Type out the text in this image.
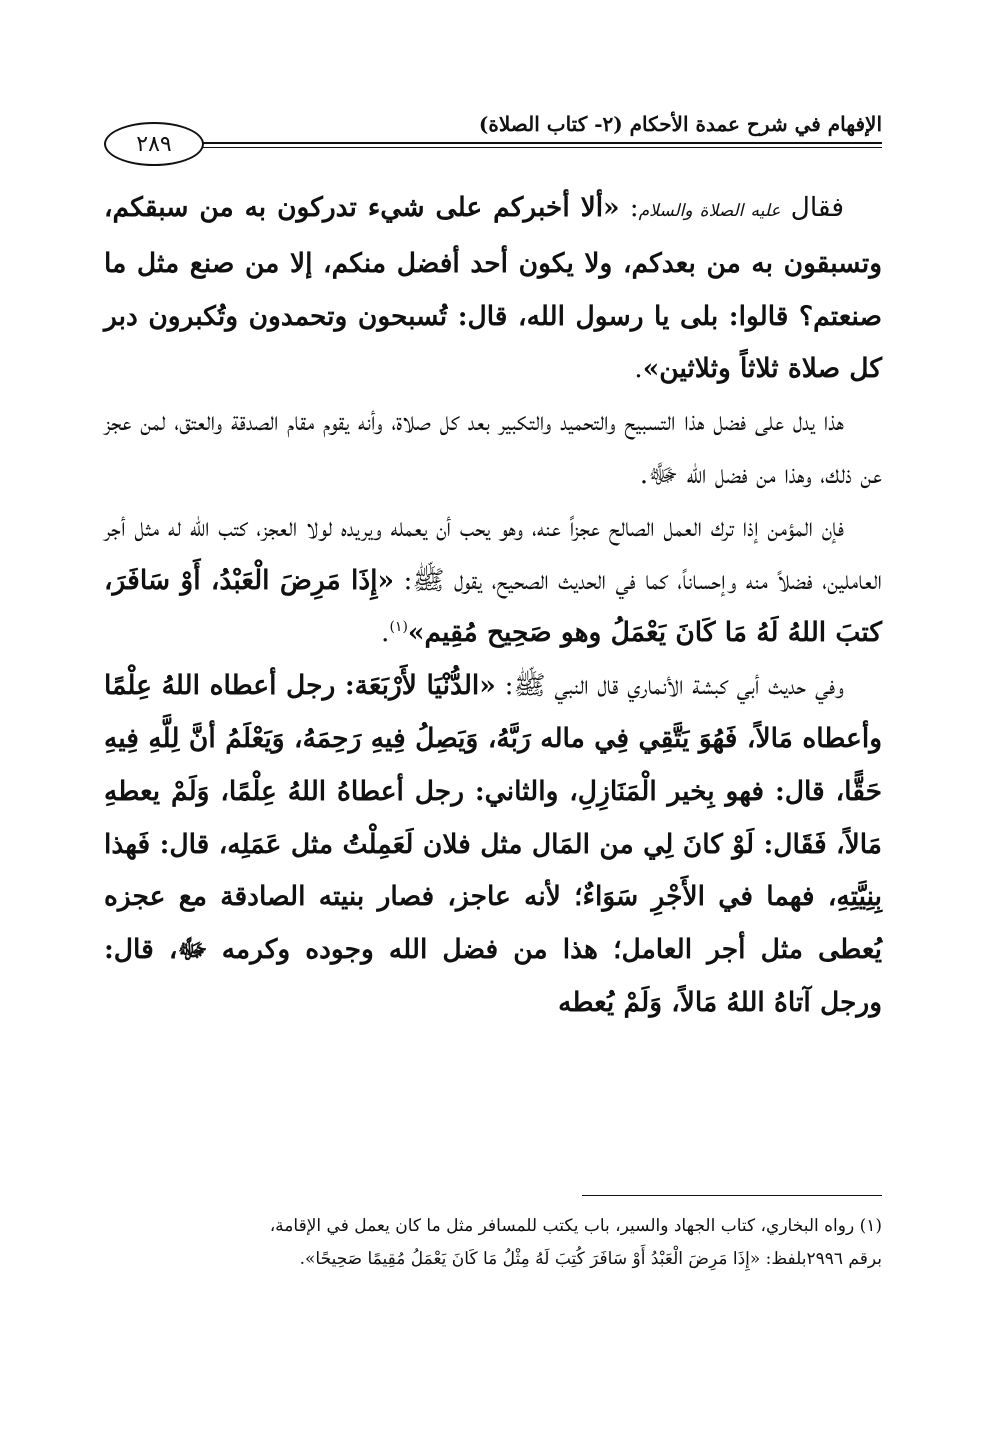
الإفهام في شرح عمدة الأحكام (٢- كتاب الصلاة)
٢٨٩

فقال عليه الصلاة والسلام: «ألا أخبركم على شيء تدركون به من سبقكم، وتسبقون به من بعدكم، ولا يكون أحد أفضل منكم، إلا من صنع مثل ما صنعتم؟ قالوا: بلى يا رسول الله، قال: تُسبحون وتحمدون وتُكبرون دبر كل صلاة ثلاثاً وثلاثين».

هذا يدل على فضل هذا التسبيح والتحميد والتكبير بعد كل صلاة، وأنه يقوم مقام الصدقة والعتق، لمن عجز عن ذلك، وهذا من فضل الله ﷻ.

فإن المؤمن إذا ترك العمل الصالح عجزاً عنه، وهو يحب أن يعمله ويريده لولا العجز، كتب الله له مثل أجر العاملين، فضلاً منه وإحساناً، كما في الحديث الصحيح، يقول ﷺ: «إِذَا مَرِضَ الْعَبْدُ، أَوْ سَافَرَ، كتبَ اللهُ لَهُ مَا كَانَ يَعْمَلُ وهو صَحِيح مُقِيم»$^{(١)}$.

وفي حديث أبي كبشة الأنماري قال النبي ﷺ: «الدُّنْيَا لأَرْبَعَة: رجل أعطاه اللهُ عِلْمًا وأعطاه مَالاً، فَهُوَ يَتَّقِي فِي ماله رَبَّهُ، وَيَصِلُ فِيهِ رَحِمَهُ، وَيَعْلَمُ أنَّ لِلَّهِ فِيهِ حَقًّا، قال: فهو بِخير الْمَنَازِلِ، والثاني: رجل أعطاهُ اللهُ عِلْمًا، وَلَمْ يعطهِ مَالاً، فَقَال: لَوْ كانَ لِي من المَال مثل فلان لَعَمِلْتُ مثل عَمَلِه، قال: فَهذا بِنِيَّتِهِ، فهما في الأَجْرِ سَوَاءٌ؛ لأنه عاجز، فصار بنيته الصادقة مع عجزه يُعطى مثل أجر العامل؛ هذا من فضل الله وجوده وكرمه ﷻ، قال: ورجل آتاهُ اللهُ مَالاً، وَلَمْ يُعطه

(١) رواه البخاري، كتاب الجهاد والسير، باب يكتب للمسافر مثل ما كان يعمل في الإقامة،

برقم ٢٩٩٦بلفظ: «إِذَا مَرِضَ الْعَبْدُ أَوْ سَافَرَ كُتِبَ لَهُ مِثْلُ مَا كَانَ يَعْمَلُ مُقِيمًا صَحِيحًا».
